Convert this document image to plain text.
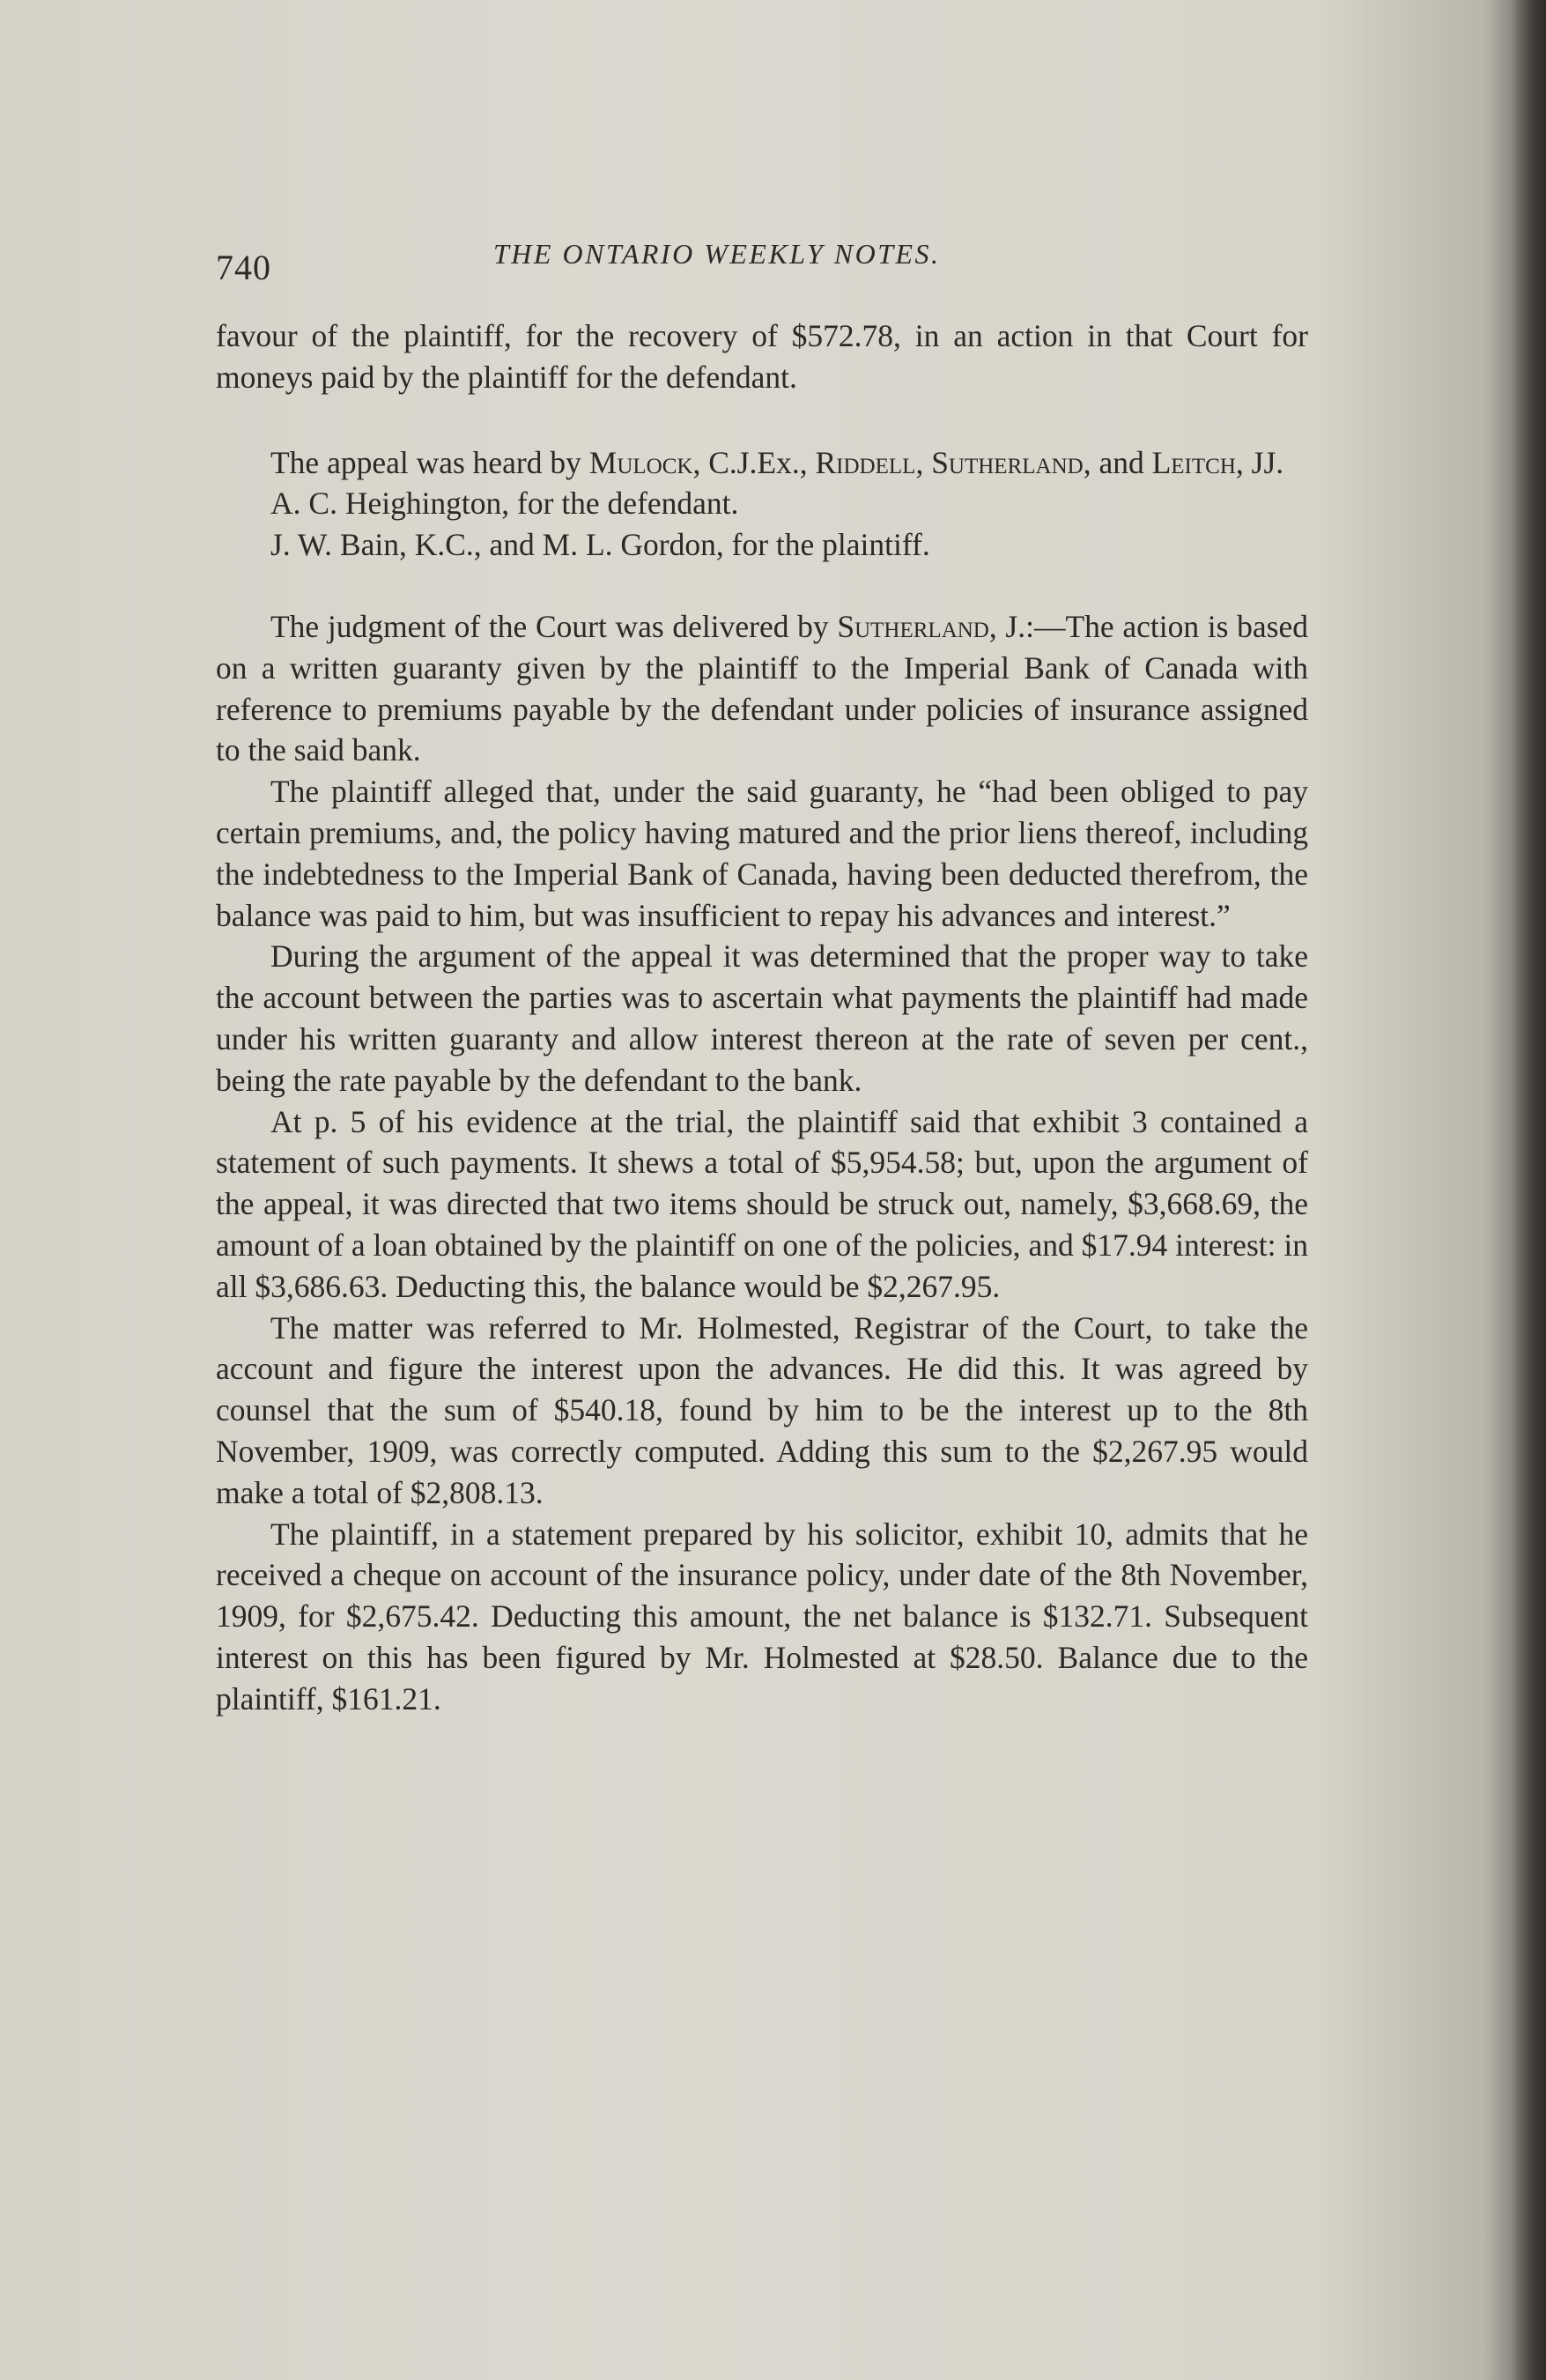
740	THE ONTARIO WEEKLY NOTES.

favour of the plaintiff, for the recovery of $572.78, in an action in that Court for moneys paid by the plaintiff for the defendant.

The appeal was heard by Mulock, C.J.Ex., Riddell, Sutherland, and Leitch, JJ.

A. C. Heighington, for the defendant.

J. W. Bain, K.C., and M. L. Gordon, for the plaintiff.

The judgment of the Court was delivered by Sutherland, J.:—The action is based on a written guaranty given by the plaintiff to the Imperial Bank of Canada with reference to premiums payable by the defendant under policies of insurance assigned to the said bank.

The plaintiff alleged that, under the said guaranty, he “had been obliged to pay certain premiums, and, the policy having matured and the prior liens thereof, including the indebtedness to the Imperial Bank of Canada, having been deducted therefrom, the balance was paid to him, but was insufficient to repay his advances and interest.”

During the argument of the appeal it was determined that the proper way to take the account between the parties was to ascertain what payments the plaintiff had made under his written guaranty and allow interest thereon at the rate of seven per cent., being the rate payable by the defendant to the bank.

At p. 5 of his evidence at the trial, the plaintiff said that exhibit 3 contained a statement of such payments. It shews a total of $5,954.58; but, upon the argument of the appeal, it was directed that two items should be struck out, namely, $3,668.69, the amount of a loan obtained by the plaintiff on one of the policies, and $17.94 interest: in all $3,686.63. Deducting this, the balance would be $2,267.95.

The matter was referred to Mr. Holmested, Registrar of the Court, to take the account and figure the interest upon the advances. He did this. It was agreed by counsel that the sum of $540.18, found by him to be the interest up to the 8th November, 1909, was correctly computed. Adding this sum to the $2,267.95 would make a total of $2,808.13.

The plaintiff, in a statement prepared by his solicitor, exhibit 10, admits that he received a cheque on account of the insurance policy, under date of the 8th November, 1909, for $2,675.42. Deducting this amount, the net balance is $132.71. Subsequent interest on this has been figured by Mr. Holmested at $28.50. Balance due to the plaintiff, $161.21.
